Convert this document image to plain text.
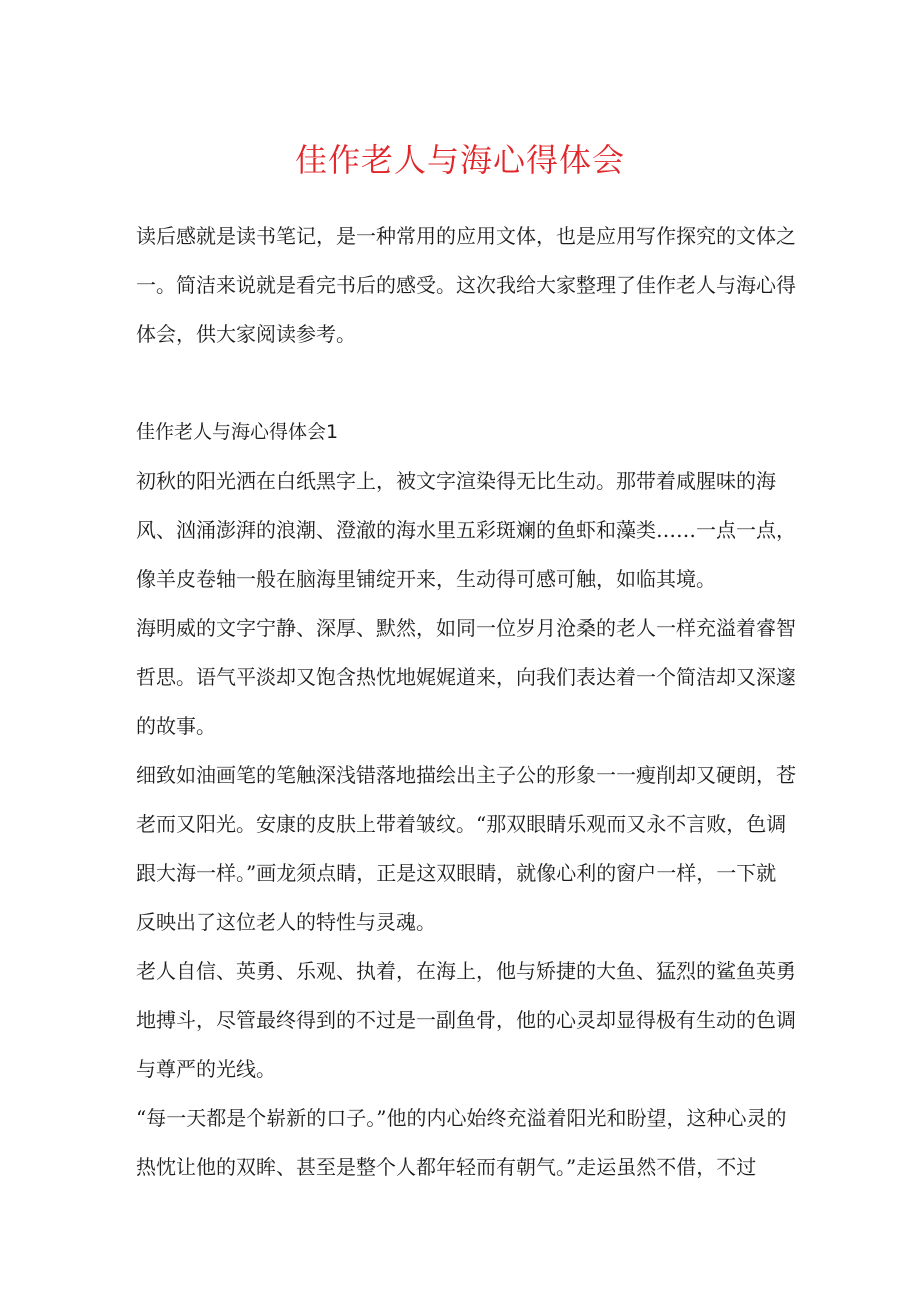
佳作老人与海心得体会

读后感就是读书笔记，是一种常用的应用文体，也是应用写作探究的文体之一。简洁来说就是看完书后的感受。这次我给大家整理了佳作老人与海心得体会，供大家阅读参考。

佳作老人与海心得体会1

初秋的阳光洒在白纸黑字上，被文字渲染得无比生动。那带着咸腥味的海风、汹涌澎湃的浪潮、澄澈的海水里五彩斑斓的鱼虾和藻类……一点一点，像羊皮卷轴一般在脑海里铺绽开来，生动得可感可触，如临其境。

海明威的文字宁静、深厚、默然，如同一位岁月沧桑的老人一样充溢着睿智哲思。语气平淡却又饱含热忱地娓娓道来，向我们表达着一个简洁却又深邃的故事。

细致如油画笔的笔触深浅错落地描绘出主子公的形象一一瘦削却又硬朗，苍老而又阳光。安康的皮肤上带着皱纹。“那双眼睛乐观而又永不言败，色调跟大海一样。”画龙须点睛，正是这双眼睛，就像心利的窗户一样，一下就反映出了这位老人的特性与灵魂。

老人自信、英勇、乐观、执着，在海上，他与矫捷的大鱼、猛烈的鲨鱼英勇地搏斗，尽管最终得到的不过是一副鱼骨，他的心灵却显得极有生动的色调与尊严的光线。

“每一天都是个崭新的口子。”他的内心始终充溢着阳光和盼望，这种心灵的热忱让他的双眸、甚至是整个人都年轻而有朝气。”走运虽然不借，不过
